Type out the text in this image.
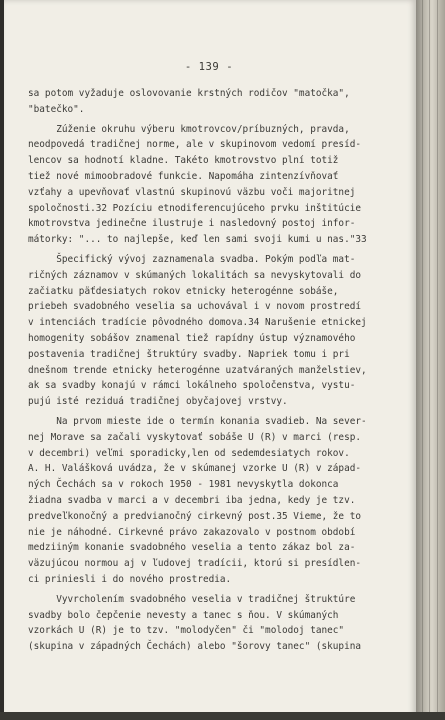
- 139 -
sa potom vyžaduje oslovovanie krstných rodičov "matočka",
"batečko".
Zúženie okruhu výberu kmotrovcov/príbuzných, pravda,
neodpovedá tradičnej norme, ale v skupinovom vedomí presíd-
lencov sa hodnotí kladne. Takéto kmotrovstvo plní totiž
tiež nové mimoobradové funkcie. Napomáha zintenzívňovať
vzťahy a upevňovať vlastnú skupinovú väzbu voči majoritnej
spoločnosti.32 Pozíciu etnodiferencujúceho prvku inštitúcie
kmotrovstva jedinečne ilustruje i nasledovný postoj infor-
mátorky: "... to najlepše, keď len sami svoji kumi u nas."33
Špecifický vývoj zaznamenala svadba. Pokým podľa mat-
ričných záznamov v skúmaných lokalitách sa nevyskytovali do
začiatku päťdesiatych rokov etnicky heterogénne sobáše,
priebeh svadobného veselia sa uchovával i v novom prostredí
v intenciách tradície pôvodného domova.34 Narušenie etnickej
homogenity sobášov znamenal tiež rapídny ústup významového
postavenia tradičnej štruktúry svadby. Napriek tomu i pri
dnešnom trende etnicky heterogénne uzatváraných manželstiev,
ak sa svadby konajú v rámci lokálneho spoločenstva, vystu-
pujú isté reziduá tradičnej obyčajovej vrstvy.
Na prvom mieste ide o termín konania svadieb. Na sever-
nej Morave sa začali vyskytovať sobáše U (R) v marci (resp.
v decembri) veľmi sporadicky,len od sedemdesiatych rokov.
A. H. Valášková uvádza, že v skúmanej vzorke U (R) v západ-
ných Čechách sa v rokoch 1950 - 1981 nevyskytla dokonca
žiadna svadba v marci a v decembri iba jedna, kedy je tzv.
predveľkonočný a predvianočný cirkevný post.35 Vieme, že to
nie je náhodné. Cirkevné právo zakazovalo v postnom období
medziiným konanie svadobného veselia a tento zákaz bol za-
väzujúcou normou aj v ľudovej tradícii, ktorú si presídlen-
ci priniesli i do nového prostredia.
Vyvrcholením svadobného veselia v tradičnej štruktúre
svadby bolo čepčenie nevesty a tanec s ňou. V skúmaných
vzorkách U (R) je to tzv. "molodyčen" či "molodoj tanec"
(skupina v západných Čechách) alebo "šorovy tanec" (skupina
